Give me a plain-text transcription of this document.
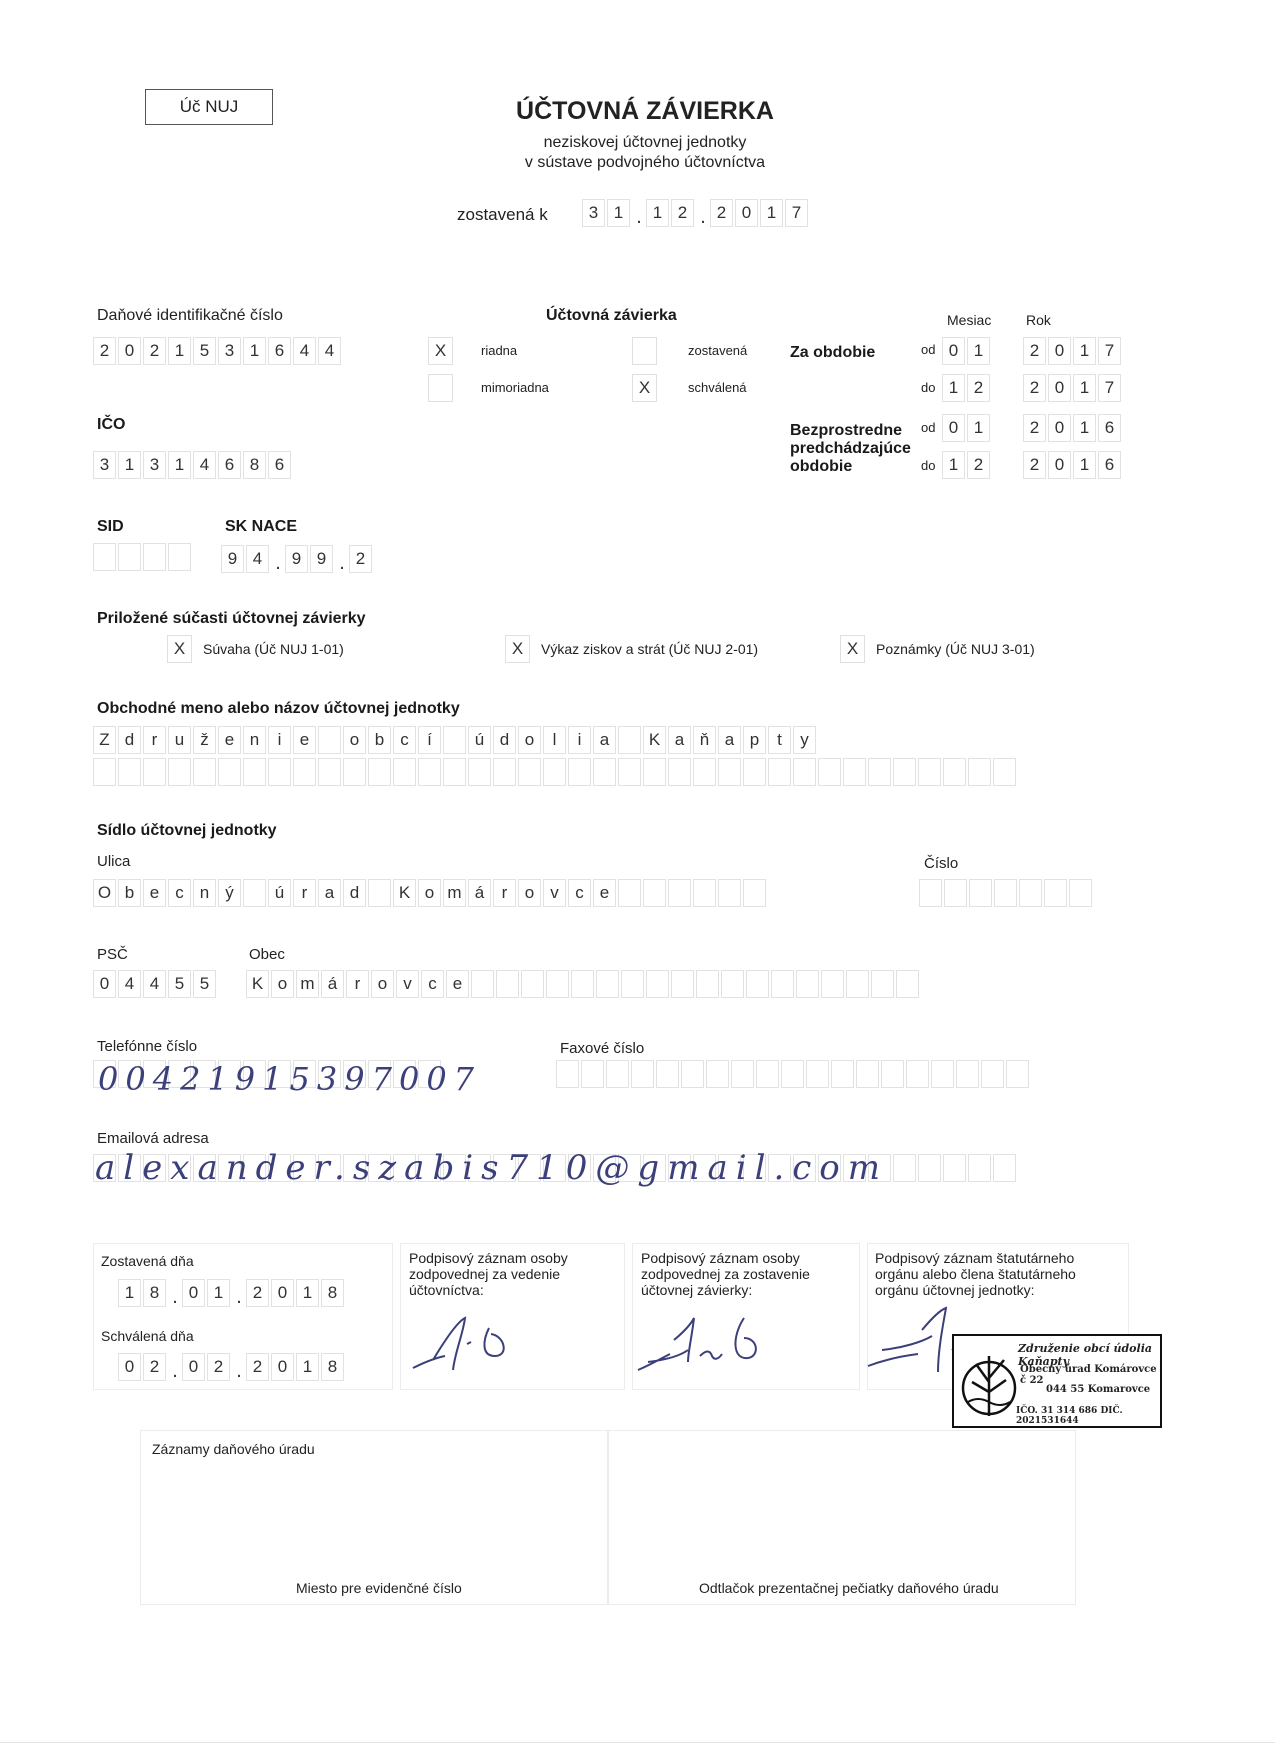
Úč NUJ	ÚČTOVNÁ ZÁVIERKA
neziskovej účtovnej jednotky
v sústave podvojného účtovníctva
zostavená k	3 1 . 1 2 . 2 0 1 7
Daňové identifikačné číslo
2 0 2 1 5 3 1 6 4 4
Účtovná závierka
X	riadna
mimoriadna
zostavená
X	schválená
Mesiac Rok
Za obdobie	od 0 1	2 0 1 7
do 1 2	2 0 1 7
Bezprostredne
predchádzajúce
obdobie
od 0 1	2 0 1 6
do 1 2	2 0 1 6
IČO
3 1 3 1 4 6 8 6
SID	SK NACE
9 4 . 9 9 . 2
Priložené súčasti účtovnej závierky
X	Súvaha (Úč NUJ 1-01)	X	Výkaz ziskov a strát (Úč NUJ 2-01)	X	Poznámky (Úč NUJ 3-01)
Obchodné meno alebo názov účtovnej jednotky
Z d	r	u ž e n	i	e	o b c	í	ú d o	l	i	a	K a ň a p	t	y
Sídlo účtovnej jednotky
Ulica	Číslo
O b e c n ý	ú	r	a d	K o m á	r	o v c e
PSČ	Obec
0 4 4 5 5	K o m á	r	o v c e
Telefónne číslo	Faxové číslo
00421915397007
Emailová adresa
alexander.szabis710@gmail.com
Zostavená dňa
1 8 . 0 1 . 2 0 1 8
Schválená dňa
0 2 . 0 2 . 2 0 1 8
Podpisový záznam osoby
zodpovednej za vedenie
účtovníctva:
Podpisový záznam osoby
zodpovednej za zostavenie
účtovnej závierky:
Podpisový záznam štatutárneho
orgánu alebo člena štatutárneho
orgánu účtovnej jednotky:
Združenie obcí údolia Kaňapty
Obecný úrad Komárovce č 22
044 55 Komarovce
IČO. 31 314 686 DIČ. 2021531644
Záznamy daňového úradu
Miesto pre evidenčné číslo	Odtlačok prezentačnej pečiatky daňového úradu
